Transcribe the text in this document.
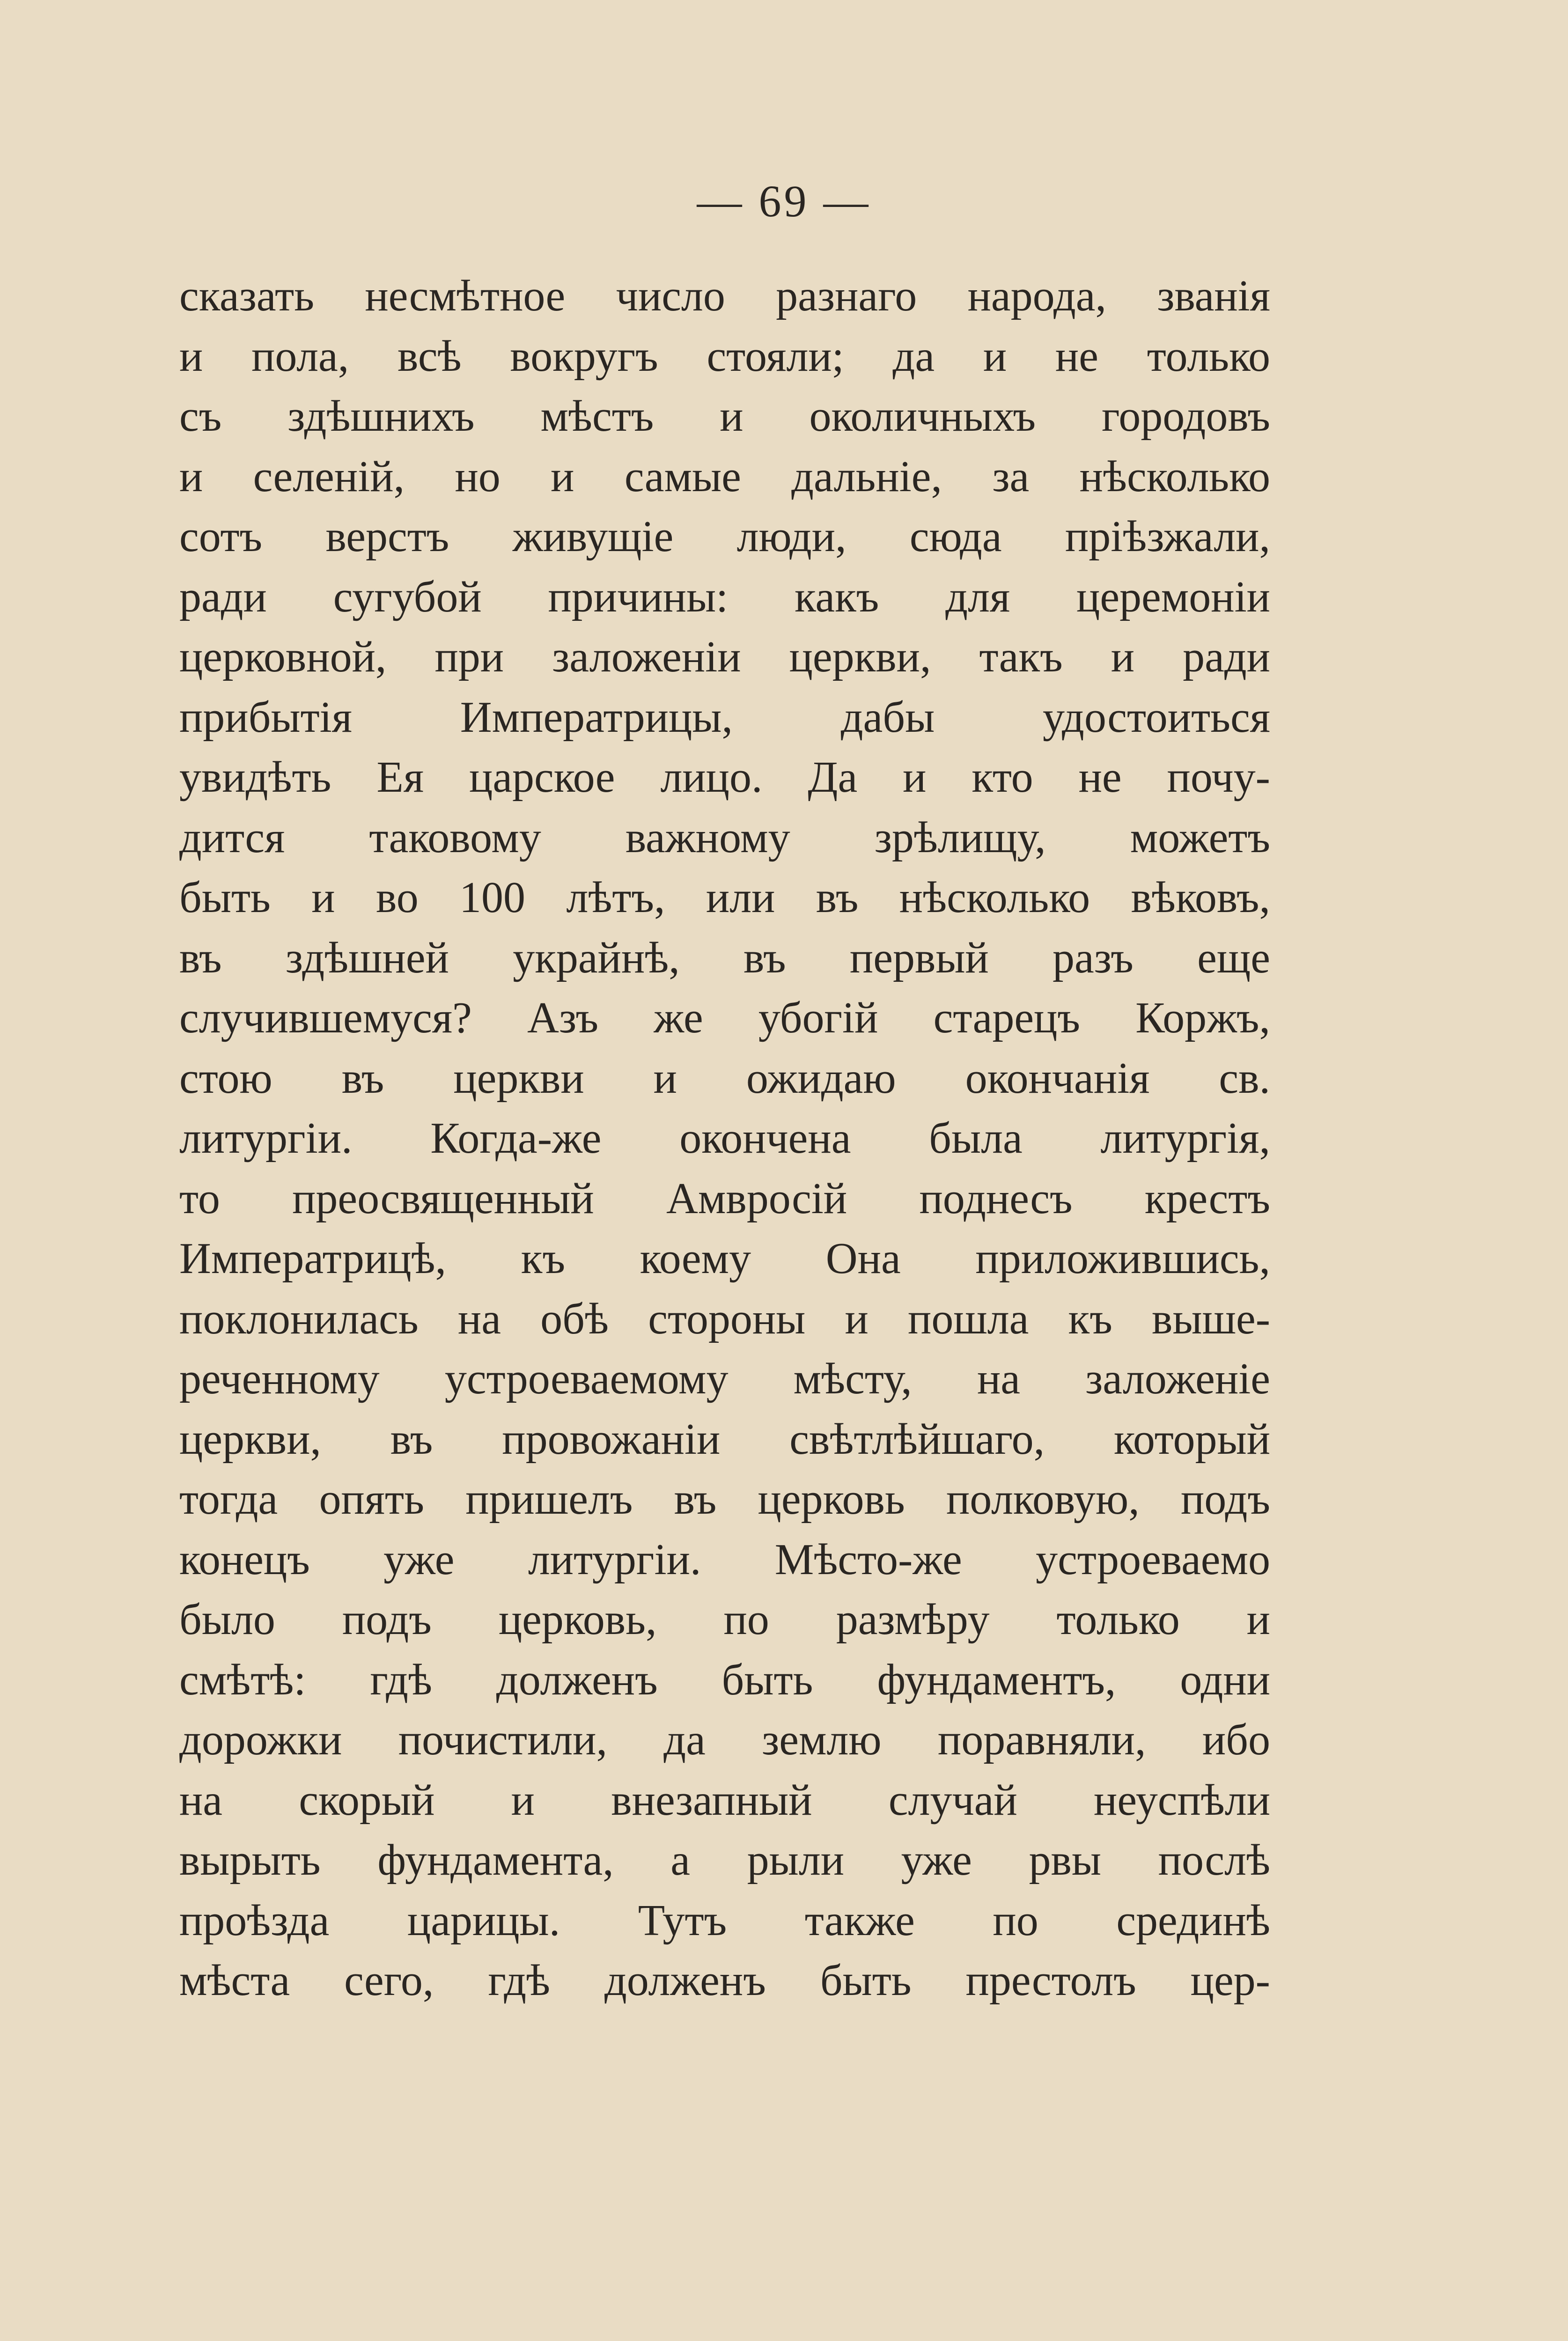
— 69 —
сказать несмѣтное число разнаго народа, званія
и пола, всѣ вокругъ стояли; да и не только
съ здѣшнихъ мѣстъ и околичныхъ городовъ
и селеній, но и самые дальніе, за нѣсколько
сотъ верстъ живущіе люди, сюда пріѣзжали,
ради сугубой причины: какъ для церемоніи
церковной, при заложеніи церкви, такъ и ради
прибытія Императрицы, дабы удостоиться
увидѣть Ея царское лицо. Да и кто не почу-
дится таковому важному зрѣлищу, можетъ
быть и во 100 лѣтъ, или въ нѣсколько вѣковъ,
въ здѣшней украйнѣ, въ первый разъ еще
случившемуся? Азъ же убогій старецъ Коржъ,
стою въ церкви и ожидаю окончанія св.
литургіи. Когда-же окончена была литургія,
то преосвященный Амвросій поднесъ крестъ
Императрицѣ, къ коему Она приложившись,
поклонилась на обѣ стороны и пошла къ выше-
реченному устроеваемому мѣсту, на заложеніе
церкви, въ провожаніи свѣтлѣйшаго, который
тогда опять пришелъ въ церковь полковую, подъ
конецъ уже литургіи. Мѣсто-же устроеваемо
было подъ церковь, по размѣру только и
смѣтѣ: гдѣ долженъ быть фундаментъ, одни
дорожки почистили, да землю поравняли, ибо
на скорый и внезапный случай неуспѣли
вырыть фундамента, а рыли уже рвы послѣ
проѣзда царицы. Тутъ также по срединѣ
мѣста сего, гдѣ долженъ быть престолъ цер-
